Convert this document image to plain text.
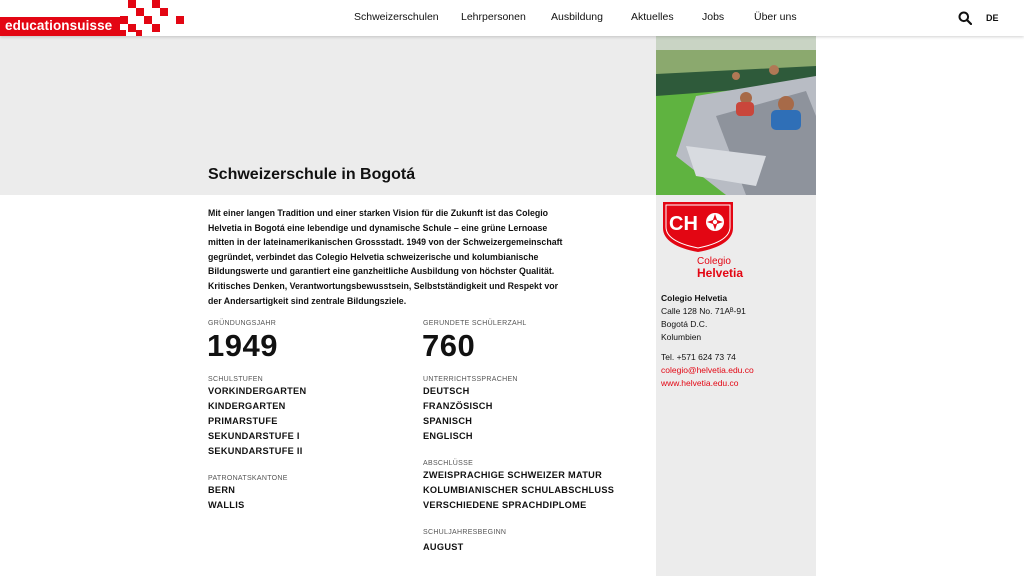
educationsuisse
Schweizerschulen Lehrpersonen Ausbildung	Aktuelles	Jobs	Über uns	DE
Schweizerschule in Bogotá
CH
Colegio
Helvetia
Colegio Helvetia
Calle 128 No. 71Aᴮ-91
Bogotá D.C.
Kolumbien
Tel. +571 624 73 74
colegio@helvetia.edu.co
www.helvetia.edu.co

Mit einer langen Tradition und einer starken Vision für die Zukunft ist das Colegio Helvetia in Bogotá eine lebendige und dynamische Schule – eine grüne Lernoase mitten in der lateinamerikanischen Grossstadt. 1949 von der Schweizergemeinschaft gegründet, verbindet das Colegio Helvetia schweizerische und kolumbianische Bildungswerte und garantiert eine ganzheitliche Ausbildung von höchster Qualität. Kritisches Denken, Verantwortungsbewusstsein, Selbstständigkeit und Respekt vor der Andersartigkeit sind zentrale Bildungsziele.

GRÜNDUNGSJAHR
1949
SCHULSTUFEN
VORKINDERGARTEN
KINDERGARTEN
PRIMARSTUFE
SEKUNDARSTUFE I
SEKUNDARSTUFE II
PATRONATSKANTONE
BERN
WALLIS
GERUNDETE SCHÜLERZAHL
760
UNTERRICHTSSPRACHEN
DEUTSCH
FRANZÖSISCH
SPANISCH
ENGLISCH
ABSCHLÜSSE
ZWEISPRACHIGE SCHWEIZER MATUR
KOLUMBIANISCHER SCHULABSCHLUSS
VERSCHIEDENE SPRACHDIPLOME
SCHULJAHRESBEGINN
AUGUST
